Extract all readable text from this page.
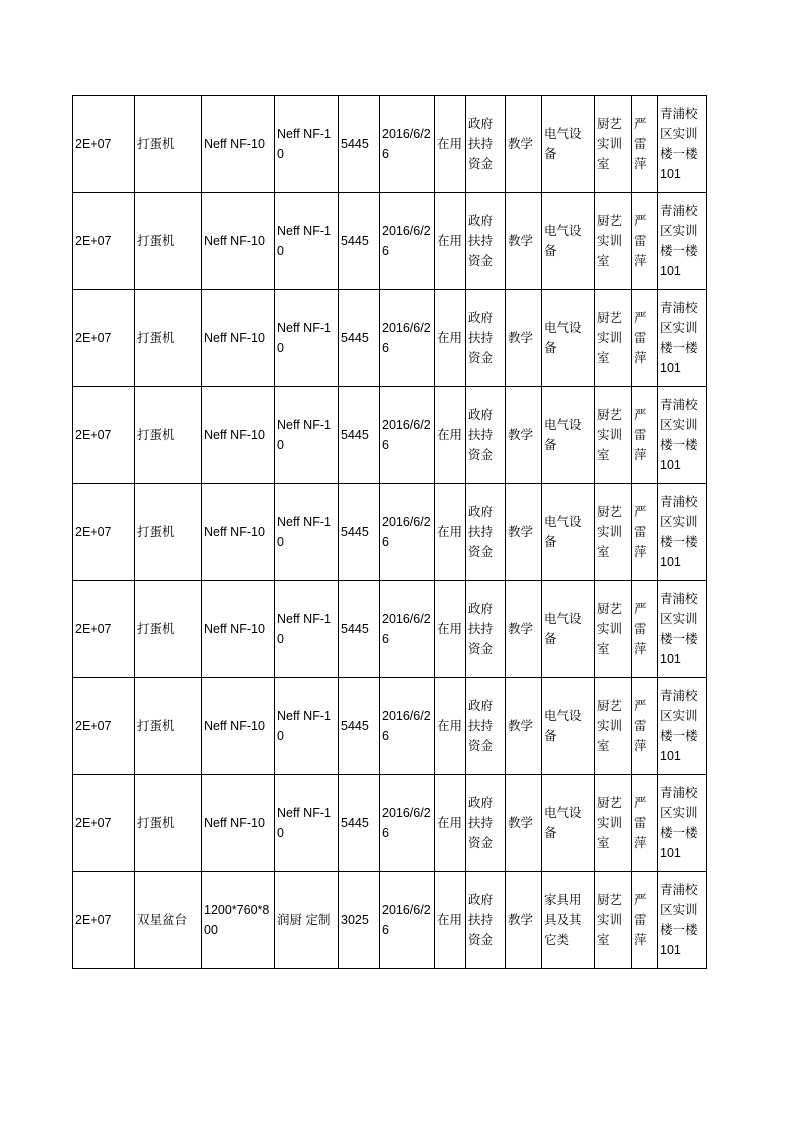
2E+07	打蛋机	Neff NF-10	Neff NF-10	5445	2016/6/26	在用	政府扶持资金	教学	电气设备	厨艺实训室	严雷萍	青浦校区实训楼一楼101
2E+07	打蛋机	Neff NF-10	Neff NF-10	5445	2016/6/26	在用	政府扶持资金	教学	电气设备	厨艺实训室	严雷萍	青浦校区实训楼一楼101
2E+07	打蛋机	Neff NF-10	Neff NF-10	5445	2016/6/26	在用	政府扶持资金	教学	电气设备	厨艺实训室	严雷萍	青浦校区实训楼一楼101
2E+07	打蛋机	Neff NF-10	Neff NF-10	5445	2016/6/26	在用	政府扶持资金	教学	电气设备	厨艺实训室	严雷萍	青浦校区实训楼一楼101
2E+07	打蛋机	Neff NF-10	Neff NF-10	5445	2016/6/26	在用	政府扶持资金	教学	电气设备	厨艺实训室	严雷萍	青浦校区实训楼一楼101
2E+07	打蛋机	Neff NF-10	Neff NF-10	5445	2016/6/26	在用	政府扶持资金	教学	电气设备	厨艺实训室	严雷萍	青浦校区实训楼一楼101
2E+07	打蛋机	Neff NF-10	Neff NF-10	5445	2016/6/26	在用	政府扶持资金	教学	电气设备	厨艺实训室	严雷萍	青浦校区实训楼一楼101
2E+07	打蛋机	Neff NF-10	Neff NF-10	5445	2016/6/26	在用	政府扶持资金	教学	电气设备	厨艺实训室	严雷萍	青浦校区实训楼一楼101
2E+07	双星盆台	1200*760*800	润厨 定制	3025	2016/6/26	在用	政府扶持资金	教学	家具用具及其它类	厨艺实训室	严雷萍	青浦校区实训楼一楼101
